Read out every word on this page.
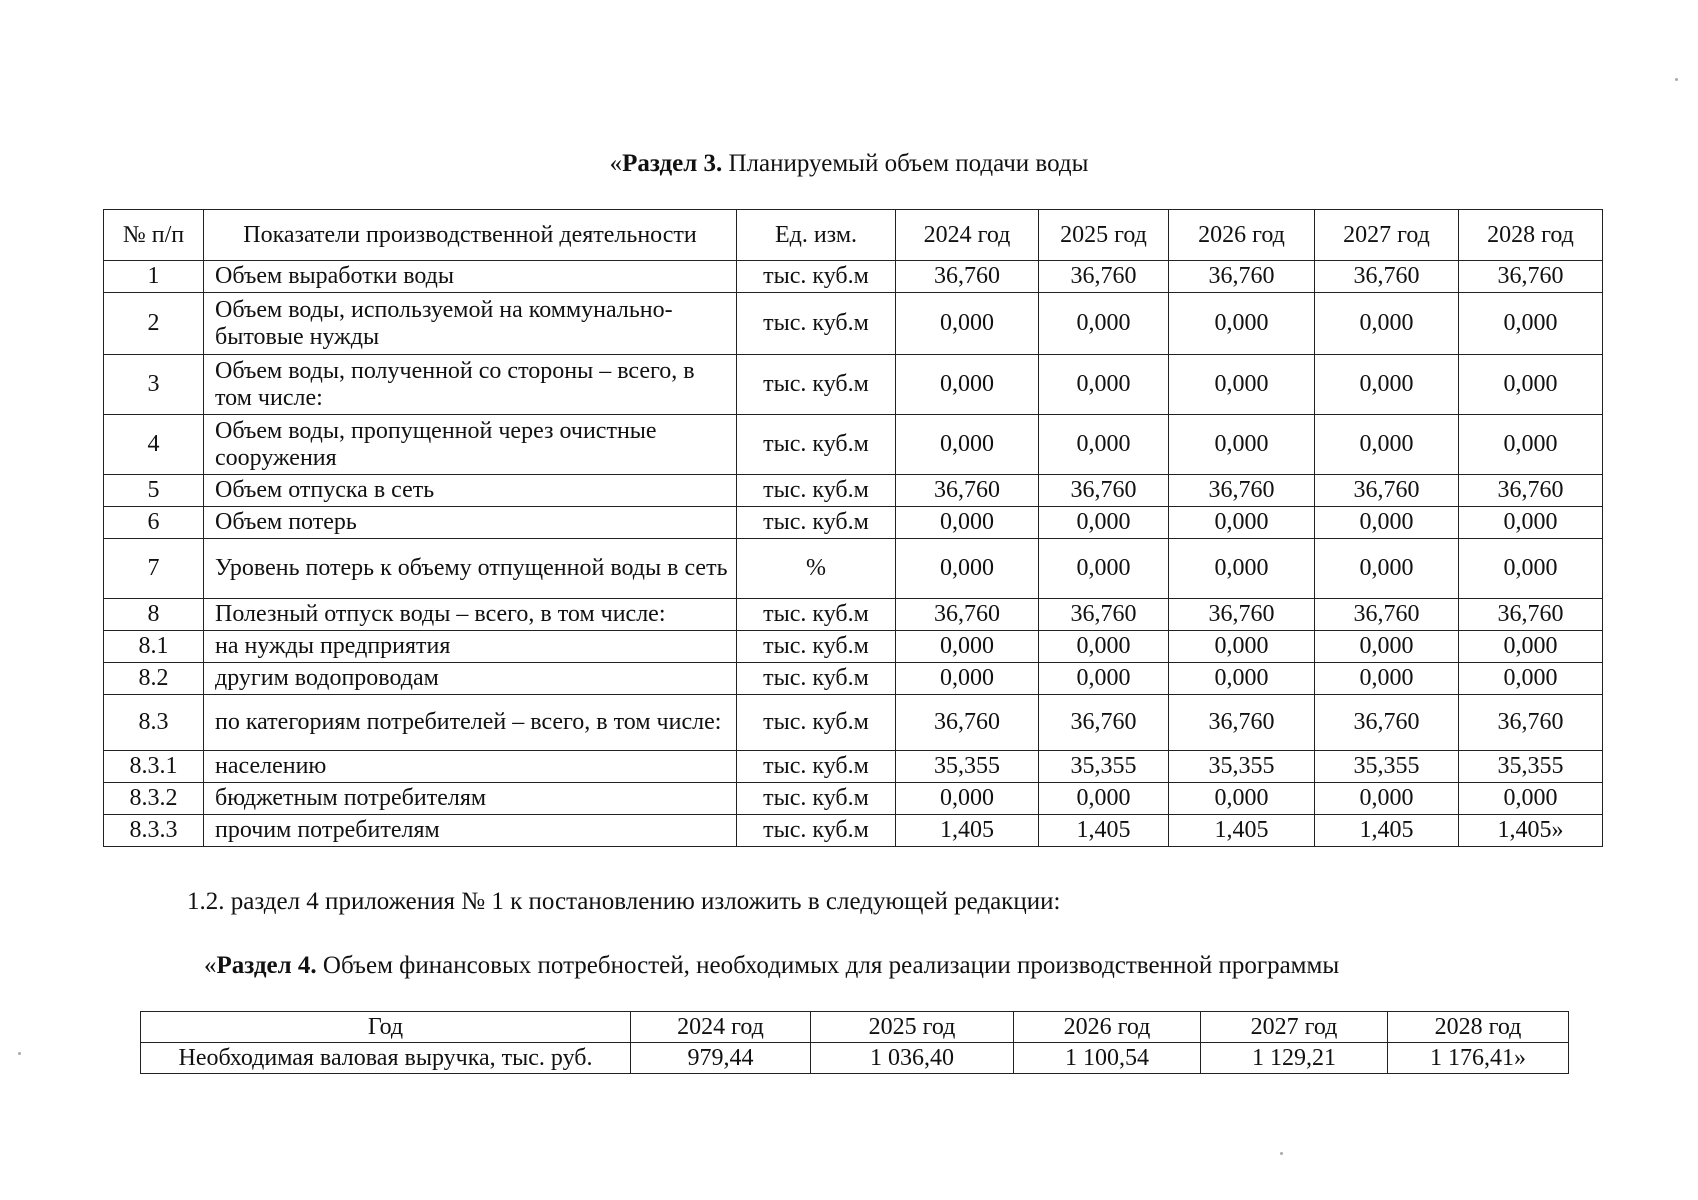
«Раздел 3. Планируемый объем подачи воды
№ п/п	Показатели производственной деятельности	Ед. изм.	2024 год	2025 год	2026 год	2027 год	2028 год
1	Объем выработки воды	тыс. куб.м	36,760	36,760	36,760	36,760	36,760
2	Объем воды, используемой на коммунально-бытовые нужды	тыс. куб.м	0,000	0,000	0,000	0,000	0,000
3	Объем воды, полученной со стороны – всего, в том числе:	тыс. куб.м	0,000	0,000	0,000	0,000	0,000
4	Объем воды, пропущенной через очистные сооружения	тыс. куб.м	0,000	0,000	0,000	0,000	0,000
5	Объем отпуска в сеть	тыс. куб.м	36,760	36,760	36,760	36,760	36,760
6	Объем потерь	тыс. куб.м	0,000	0,000	0,000	0,000	0,000
7	Уровень потерь к объему отпущенной воды в сеть	%	0,000	0,000	0,000	0,000	0,000
8	Полезный отпуск воды – всего, в том числе:	тыс. куб.м	36,760	36,760	36,760	36,760	36,760
8.1	на нужды предприятия	тыс. куб.м	0,000	0,000	0,000	0,000	0,000
8.2	другим водопроводам	тыс. куб.м	0,000	0,000	0,000	0,000	0,000
8.3	по категориям потребителей – всего, в том числе:	тыс. куб.м	36,760	36,760	36,760	36,760	36,760
8.3.1	населению	тыс. куб.м	35,355	35,355	35,355	35,355	35,355
8.3.2	бюджетным потребителям	тыс. куб.м	0,000	0,000	0,000	0,000	0,000
8.3.3	прочим потребителям	тыс. куб.м	1,405	1,405	1,405	1,405	1,405»
1.2. раздел 4 приложения № 1 к постановлению изложить в следующей редакции:
«Раздел 4. Объем финансовых потребностей, необходимых для реализации производственной программы
Год	2024 год	2025 год	2026 год	2027 год	2028 год
Необходимая валовая выручка, тыс. руб.	979,44	1 036,40	1 100,54	1 129,21	1 176,41»
